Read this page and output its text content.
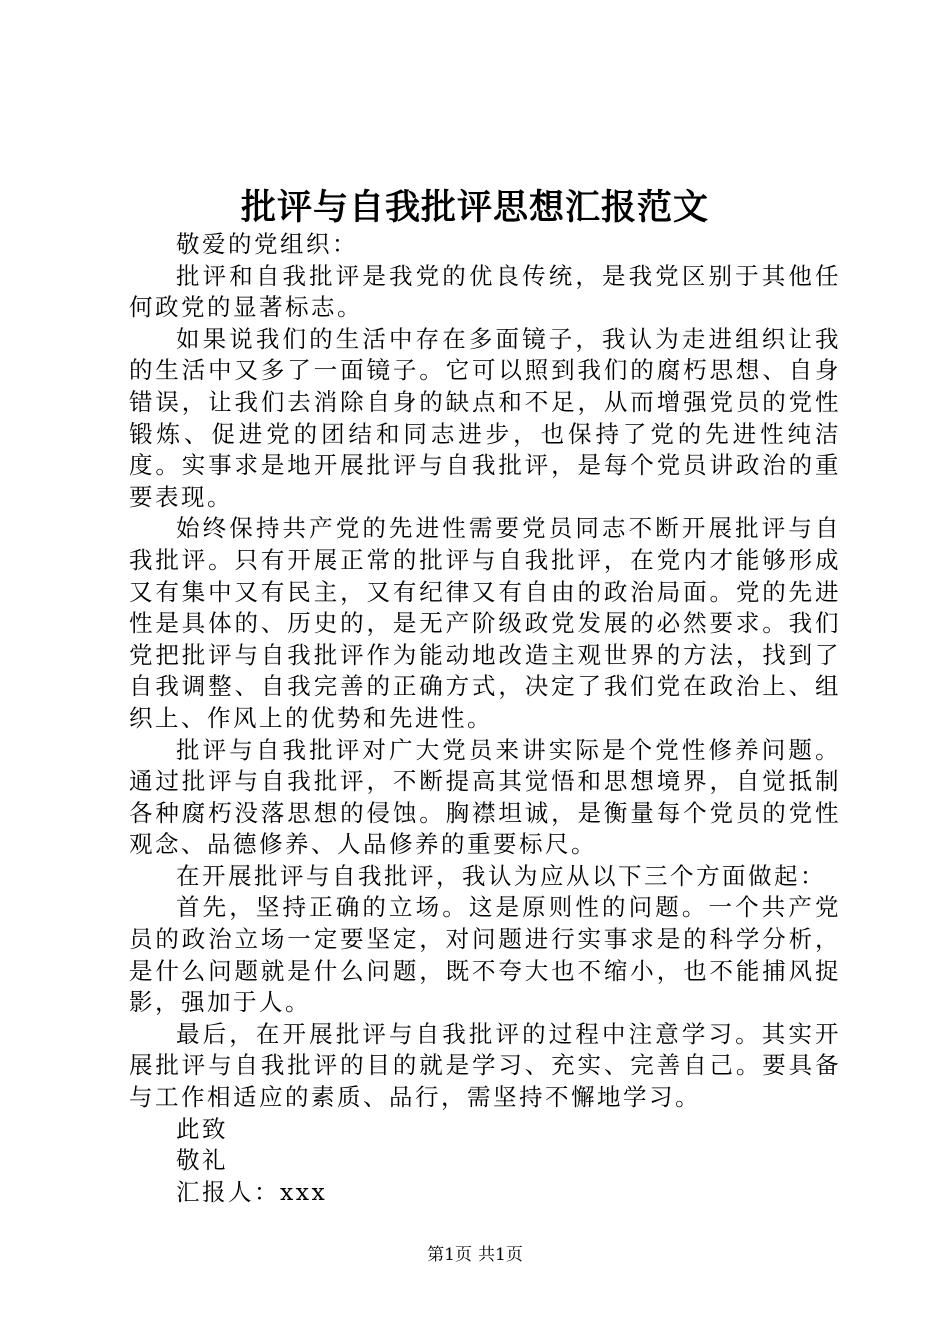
批评与自我批评思想汇报范文

敬爱的党组织：

批评和自我批评是我党的优良传统，是我党区别于其他任何政党的显著标志。

如果说我们的生活中存在多面镜子，我认为走进组织让我的生活中又多了一面镜子。它可以照到我们的腐朽思想、自身错误，让我们去消除自身的缺点和不足，从而增强党员的党性锻炼、促进党的团结和同志进步，也保持了党的先进性纯洁度。实事求是地开展批评与自我批评，是每个党员讲政治的重要表现。

始终保持共产党的先进性需要党员同志不断开展批评与自我批评。只有开展正常的批评与自我批评，在党内才能够形成又有集中又有民主，又有纪律又有自由的政治局面。党的先进性是具体的、历史的，是无产阶级政党发展的必然要求。我们党把批评与自我批评作为能动地改造主观世界的方法，找到了自我调整、自我完善的正确方式，决定了我们党在政治上、组织上、作风上的优势和先进性。

批评与自我批评对广大党员来讲实际是个党性修养问题。通过批评与自我批评，不断提高其觉悟和思想境界，自觉抵制各种腐朽没落思想的侵蚀。胸襟坦诚，是衡量每个党员的党性观念、品德修养、人品修养的重要标尺。

在开展批评与自我批评，我认为应从以下三个方面做起：

首先，坚持正确的立场。这是原则性的问题。一个共产党员的政治立场一定要坚定，对问题进行实事求是的科学分析，是什么问题就是什么问题，既不夸大也不缩小，也不能捕风捉影，强加于人。

最后，在开展批评与自我批评的过程中注意学习。其实开展批评与自我批评的目的就是学习、充实、完善自己。要具备与工作相适应的素质、品行，需坚持不懈地学习。

此致

敬礼

汇报人：xxx

第1页 共1页
